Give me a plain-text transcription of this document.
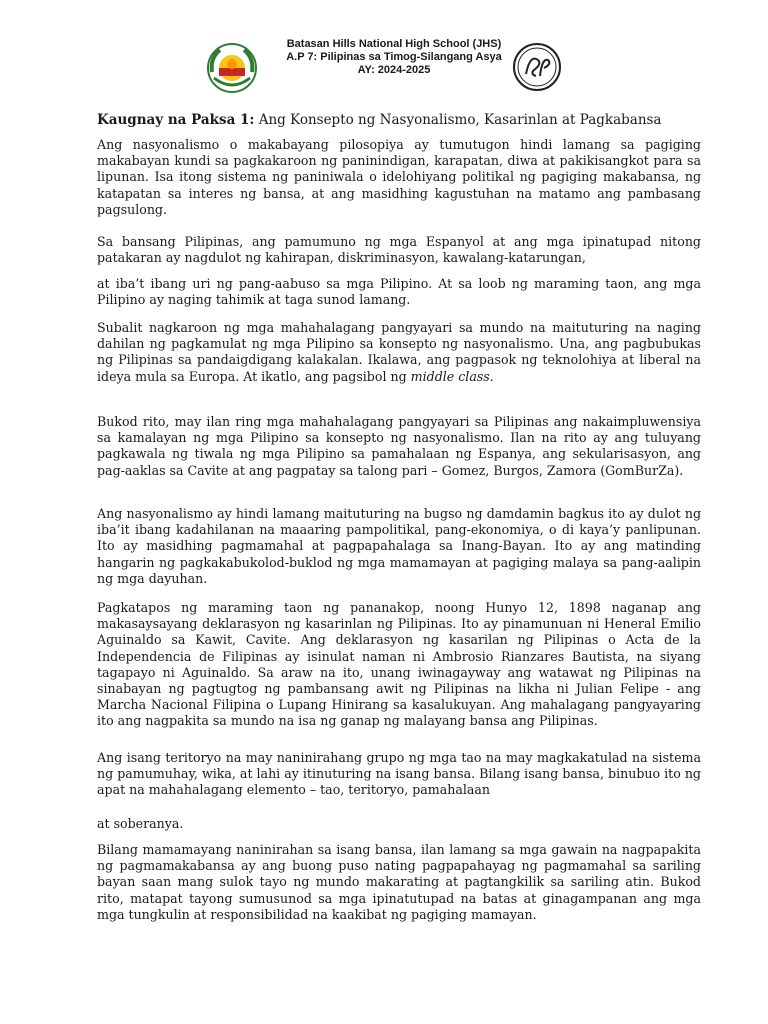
Batasan Hills National High School (JHS)
A.P 7: Pilipinas sa Timog-Silangang Asya
AY: 2024-2025
Kaugnay na Paksa 1: Ang Konsepto ng Nasyonalismo, Kasarinlan at Pagkabansa

Ang nasyonalismo o makabayang pilosopiya ay tumutugon hindi lamang sa pagiging makabayan kundi sa pagkakaroon ng paninindigan, karapatan, diwa at pakikisangkot para sa lipunan. Isa itong sistema ng paniniwala o idelohiyang politikal ng pagiging makabansa, ng katapatan sa interes ng bansa, at ang masidhing kagustuhan na matamo ang pambasang pagsulong.

Sa bansang Pilipinas, ang pamumuno ng mga Espanyol at ang mga ipinatupad nitong patakaran ay nagdulot ng kahirapan, diskriminasyon, kawalang-katarungan,

at iba’t ibang uri ng pang-aabuso sa mga Pilipino. At sa loob ng maraming taon, ang mga Pilipino ay naging tahimik at taga sunod lamang.

Subalit nagkaroon ng mga mahahalagang pangyayari sa mundo na maituturing na naging dahilan ng pagkamulat ng mga Pilipino sa konsepto ng nasyonalismo. Una, ang pagbubukas ng Pilipinas sa pandaigdigang kalakalan. Ikalawa, ang pagpasok ng teknolohiya at liberal na ideya mula sa Europa. At ikatlo, ang pagsibol ng middle class.

Bukod rito, may ilan ring mga mahahalagang pangyayari sa Pilipinas ang nakaimpluwensiya sa kamalayan ng mga Pilipino sa konsepto ng nasyonalismo. Ilan na rito ay ang tuluyang pagkawala ng tiwala ng mga Pilipino sa pamahalaan ng Espanya, ang sekularisasyon, ang pag-aaklas sa Cavite at ang pagpatay sa talong pari – Gomez, Burgos, Zamora (GomBurZa).

Ang nasyonalismo ay hindi lamang maituturing na bugso ng damdamin bagkus ito ay dulot ng iba’it ibang kadahilanan na maaaring pampolitikal, pang-ekonomiya, o di kaya’y panlipunan. Ito ay masidhing pagmamahal at pagpapahalaga sa Inang-Bayan. Ito ay ang matinding hangarin ng pagkakabukolod-buklod ng mga mamamayan at pagiging malaya sa pang-aalipin ng mga dayuhan.

Pagkatapos ng maraming taon ng pananakop, noong Hunyo 12, 1898 naganap ang makasaysayang deklarasyon ng kasarinlan ng Pilipinas. Ito ay pinamunuan ni Heneral Emilio Aguinaldo sa Kawit, Cavite. Ang deklarasyon ng kasarilan ng Pilipinas o Acta de la Independencia de Filipinas ay isinulat naman ni Ambrosio Rianzares Bautista, na siyang tagapayo ni Aguinaldo. Sa araw na ito, unang iwinagayway ang watawat ng Pilipinas na sinabayan ng pagtugtog ng pambansang awit ng Pilipinas na likha ni Julian Felipe - ang Marcha Nacional Filipina o Lupang Hinirang sa kasalukuyan. Ang mahalagang pangyayaring ito ang nagpakita sa mundo na isa ng ganap ng malayang bansa ang Pilipinas.

Ang isang teritoryo na may naninirahang grupo ng mga tao na may magkakatulad na sistema ng pamumuhay, wika, at lahi ay itinuturing na isang bansa. Bilang isang bansa, binubuo ito ng apat na mahahalagang elemento – tao, teritoryo, pamahalaan

at soberanya.

Bilang mamamayang naninirahan sa isang bansa, ilan lamang sa mga gawain na nagpapakita ng pagmamakabansa ay ang buong puso nating pagpapahayag ng pagmamahal sa sariling bayan saan mang sulok tayo ng mundo makarating at pagtangkilik sa sariling atin. Bukod rito, matapat tayong sumusunod sa mga ipinatutupad na batas at ginagampanan ang mga mga tungkulin at responsibilidad na kaakibat ng pagiging mamayan.
